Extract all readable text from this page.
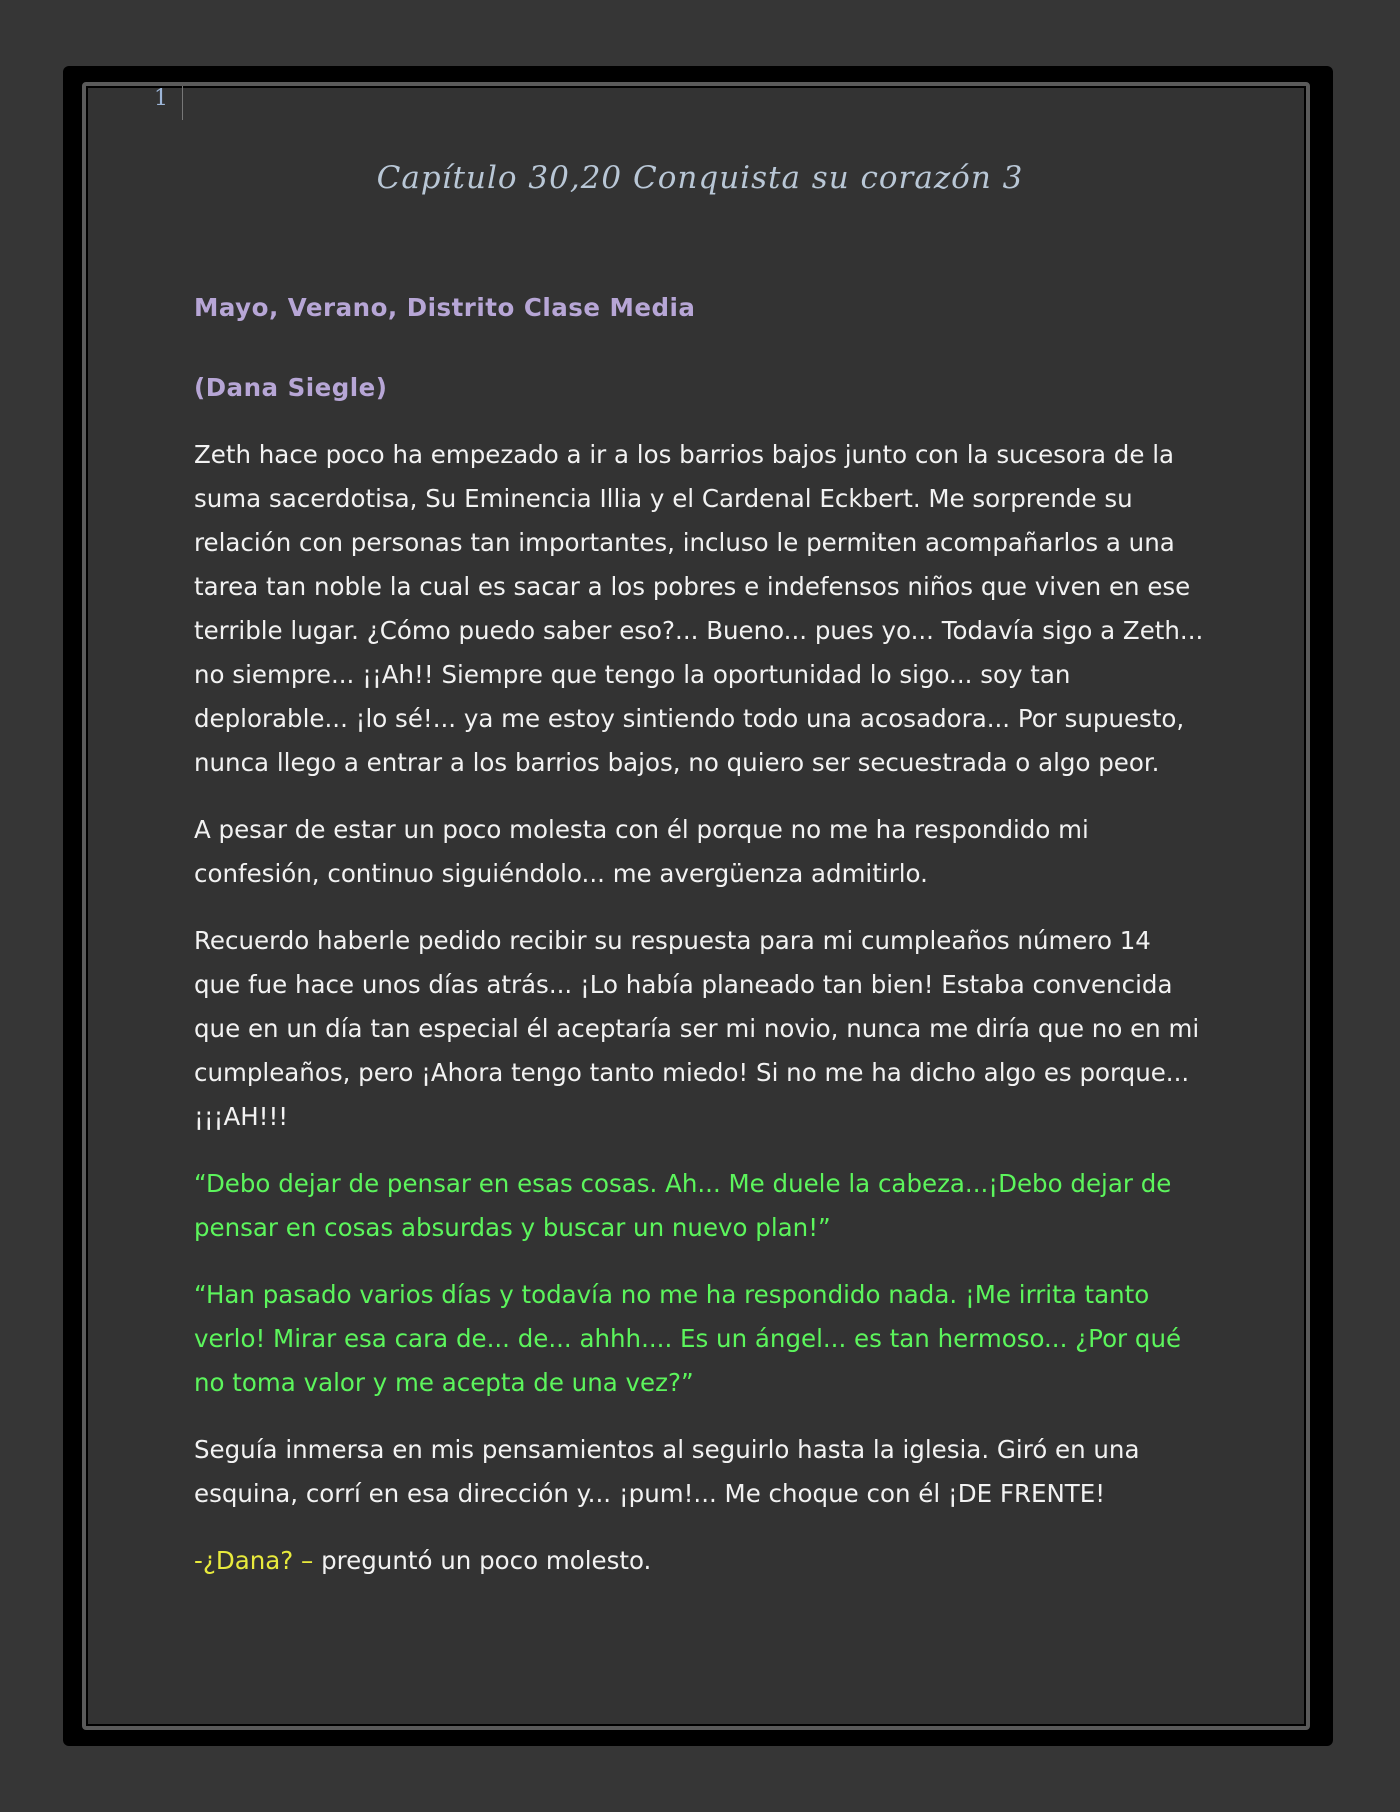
1
Capítulo 30,20 Conquista su corazón 3

Mayo, Verano, Distrito Clase Media

(Dana Siegle)

Zeth hace poco ha empezado a ir a los barrios bajos junto con la sucesora de la suma sacerdotisa, Su Eminencia Illia y el Cardenal Eckbert. Me sorprende su relación con personas tan importantes, incluso le permiten acompañarlos a una tarea tan noble la cual es sacar a los pobres e indefensos niños que viven en ese terrible lugar. ¿Cómo puedo saber eso?... Bueno... pues yo... Todavía sigo a Zeth... no siempre... ¡¡Ah!! Siempre que tengo la oportunidad lo sigo... soy tan deplorable... ¡lo sé!... ya me estoy sintiendo todo una acosadora... Por supuesto, nunca llego a entrar a los barrios bajos, no quiero ser secuestrada o algo peor.

A pesar de estar un poco molesta con él porque no me ha respondido mi confesión, continuo siguiéndolo... me avergüenza admitirlo.

Recuerdo haberle pedido recibir su respuesta para mi cumpleaños número 14 que fue hace unos días atrás... ¡Lo había planeado tan bien! Estaba convencida que en un día tan especial él aceptaría ser mi novio, nunca me diría que no en mi cumpleaños, pero ¡Ahora tengo tanto miedo! Si no me ha dicho algo es porque... ¡¡¡AH!!!

“Debo dejar de pensar en esas cosas. Ah... Me duele la cabeza...¡Debo dejar de pensar en cosas absurdas y buscar un nuevo plan!”

“Han pasado varios días y todavía no me ha respondido nada. ¡Me irrita tanto verlo! Mirar esa cara de... de... ahhh.... Es un ángel... es tan hermoso... ¿Por qué no toma valor y me acepta de una vez?”

Seguía inmersa en mis pensamientos al seguirlo hasta la iglesia. Giró en una esquina, corrí en esa dirección y... ¡pum!... Me choque con él ¡DE FRENTE!

-¿Dana? – preguntó un poco molesto.
